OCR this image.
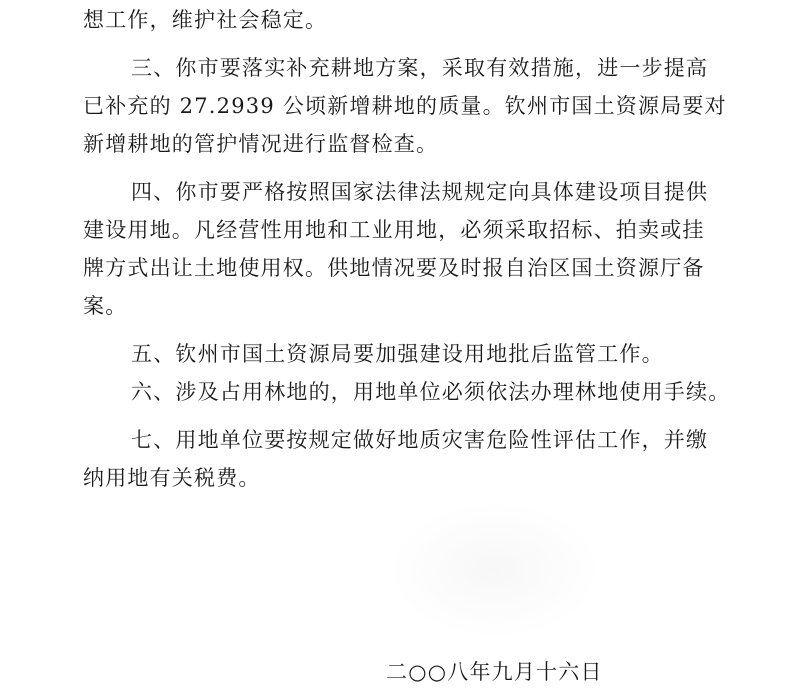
想工作，维护社会稳定。
三、你市要落实补充耕地方案，采取有效措施，进一步提高
已补充的 27.2939 公顷新增耕地的质量。钦州市国土资源局要对
新增耕地的管护情况进行监督检查。
四、你市要严格按照国家法律法规规定向具体建设项目提供
建设用地。凡经营性用地和工业用地，必须采取招标、拍卖或挂
牌方式出让土地使用权。供地情况要及时报自治区国土资源厅备
案。
五、钦州市国土资源局要加强建设用地批后监管工作。
六、涉及占用林地的，用地单位必须依法办理林地使用手续。
七、用地单位要按规定做好地质灾害危险性评估工作，并缴
纳用地有关税费。
二○○八年九月十六日
